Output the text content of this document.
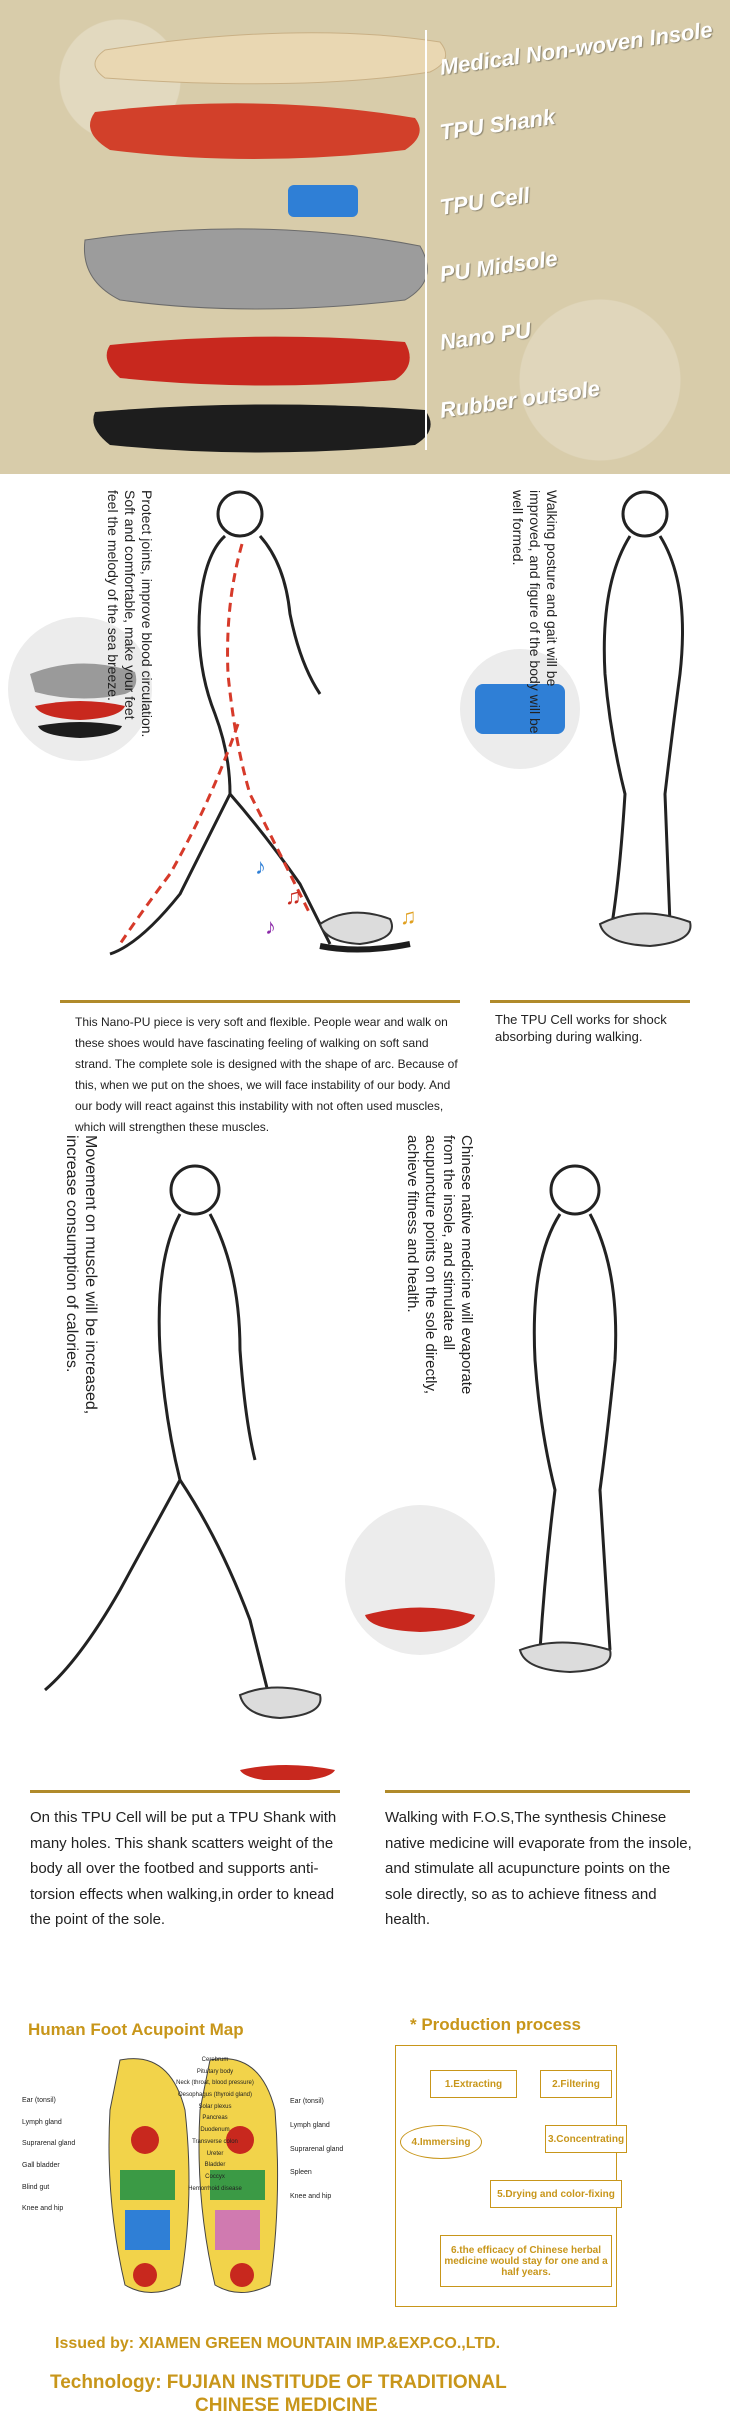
Medical Non-woven Insole
TPU Shank
TPU Cell
PU Midsole
Nano PU
Rubber outsole
♪
♫
♪	♫
Protect joints, improve blood circulation. Soft and comfortable, make your feet feel the melody of the sea breeze.	Walking posture and gait will be improved, and figure of the body will be well formed.
This Nano-PU piece is very soft and flexible. People wear and walk on these shoes would have fascinating feeling of walking on soft sand strand. The complete sole is designed with the shape of arc. Because of this, when we put on the shoes, we will face instability of our body. And our body will react against this instability with not often used muscles, which will strengthen these muscles.
The TPU Cell works for shock absorbing during walking.
Movement on muscle will be increased, increase consumption of calories.	Chinese native medicine will evaporate from the insole, and stimulate all acupuncture points on the sole directly, achieve fitness and health.
On this TPU Cell will be put a TPU Shank with many holes. This shank scatters weight of the body all over the footbed and supports anti-torsion effects when walking,in order to knead the point of the sole.
Walking with F.O.S,The synthesis Chinese native medicine will evaporate from the insole, and stimulate all acupuncture points on the sole directly, so as to achieve fitness and health.
Human Foot Acupoint Map
Ear (tonsil)
Lymph gland
Suprarenal gland
Gall bladder
Blind gut
Knee and hip
Cerebrum
Pituitary body
Neck (throat, blood pressure)
Oesophagus (thyroid gland)
Solar plexus
Pancreas
Duodenum
Transverse colon
Ureter
Bladder
Coccyx
Hemorrhoid disease
Ear (tonsil)
Lymph gland
Suprarenal gland
Spleen
Knee and hip
* Production process
1.Extracting	2.Filtering
3.Concentrating
4.Immersing
5.Drying and color-fixing
6.the efficacy of Chinese herbal medicine would stay for one and a half years.
Issued by: XIAMEN GREEN MOUNTAIN IMP.&EXP.CO.,LTD.
Technology: FUJIAN INSTITUDE OF TRADITIONAL
CHINESE MEDICINE
